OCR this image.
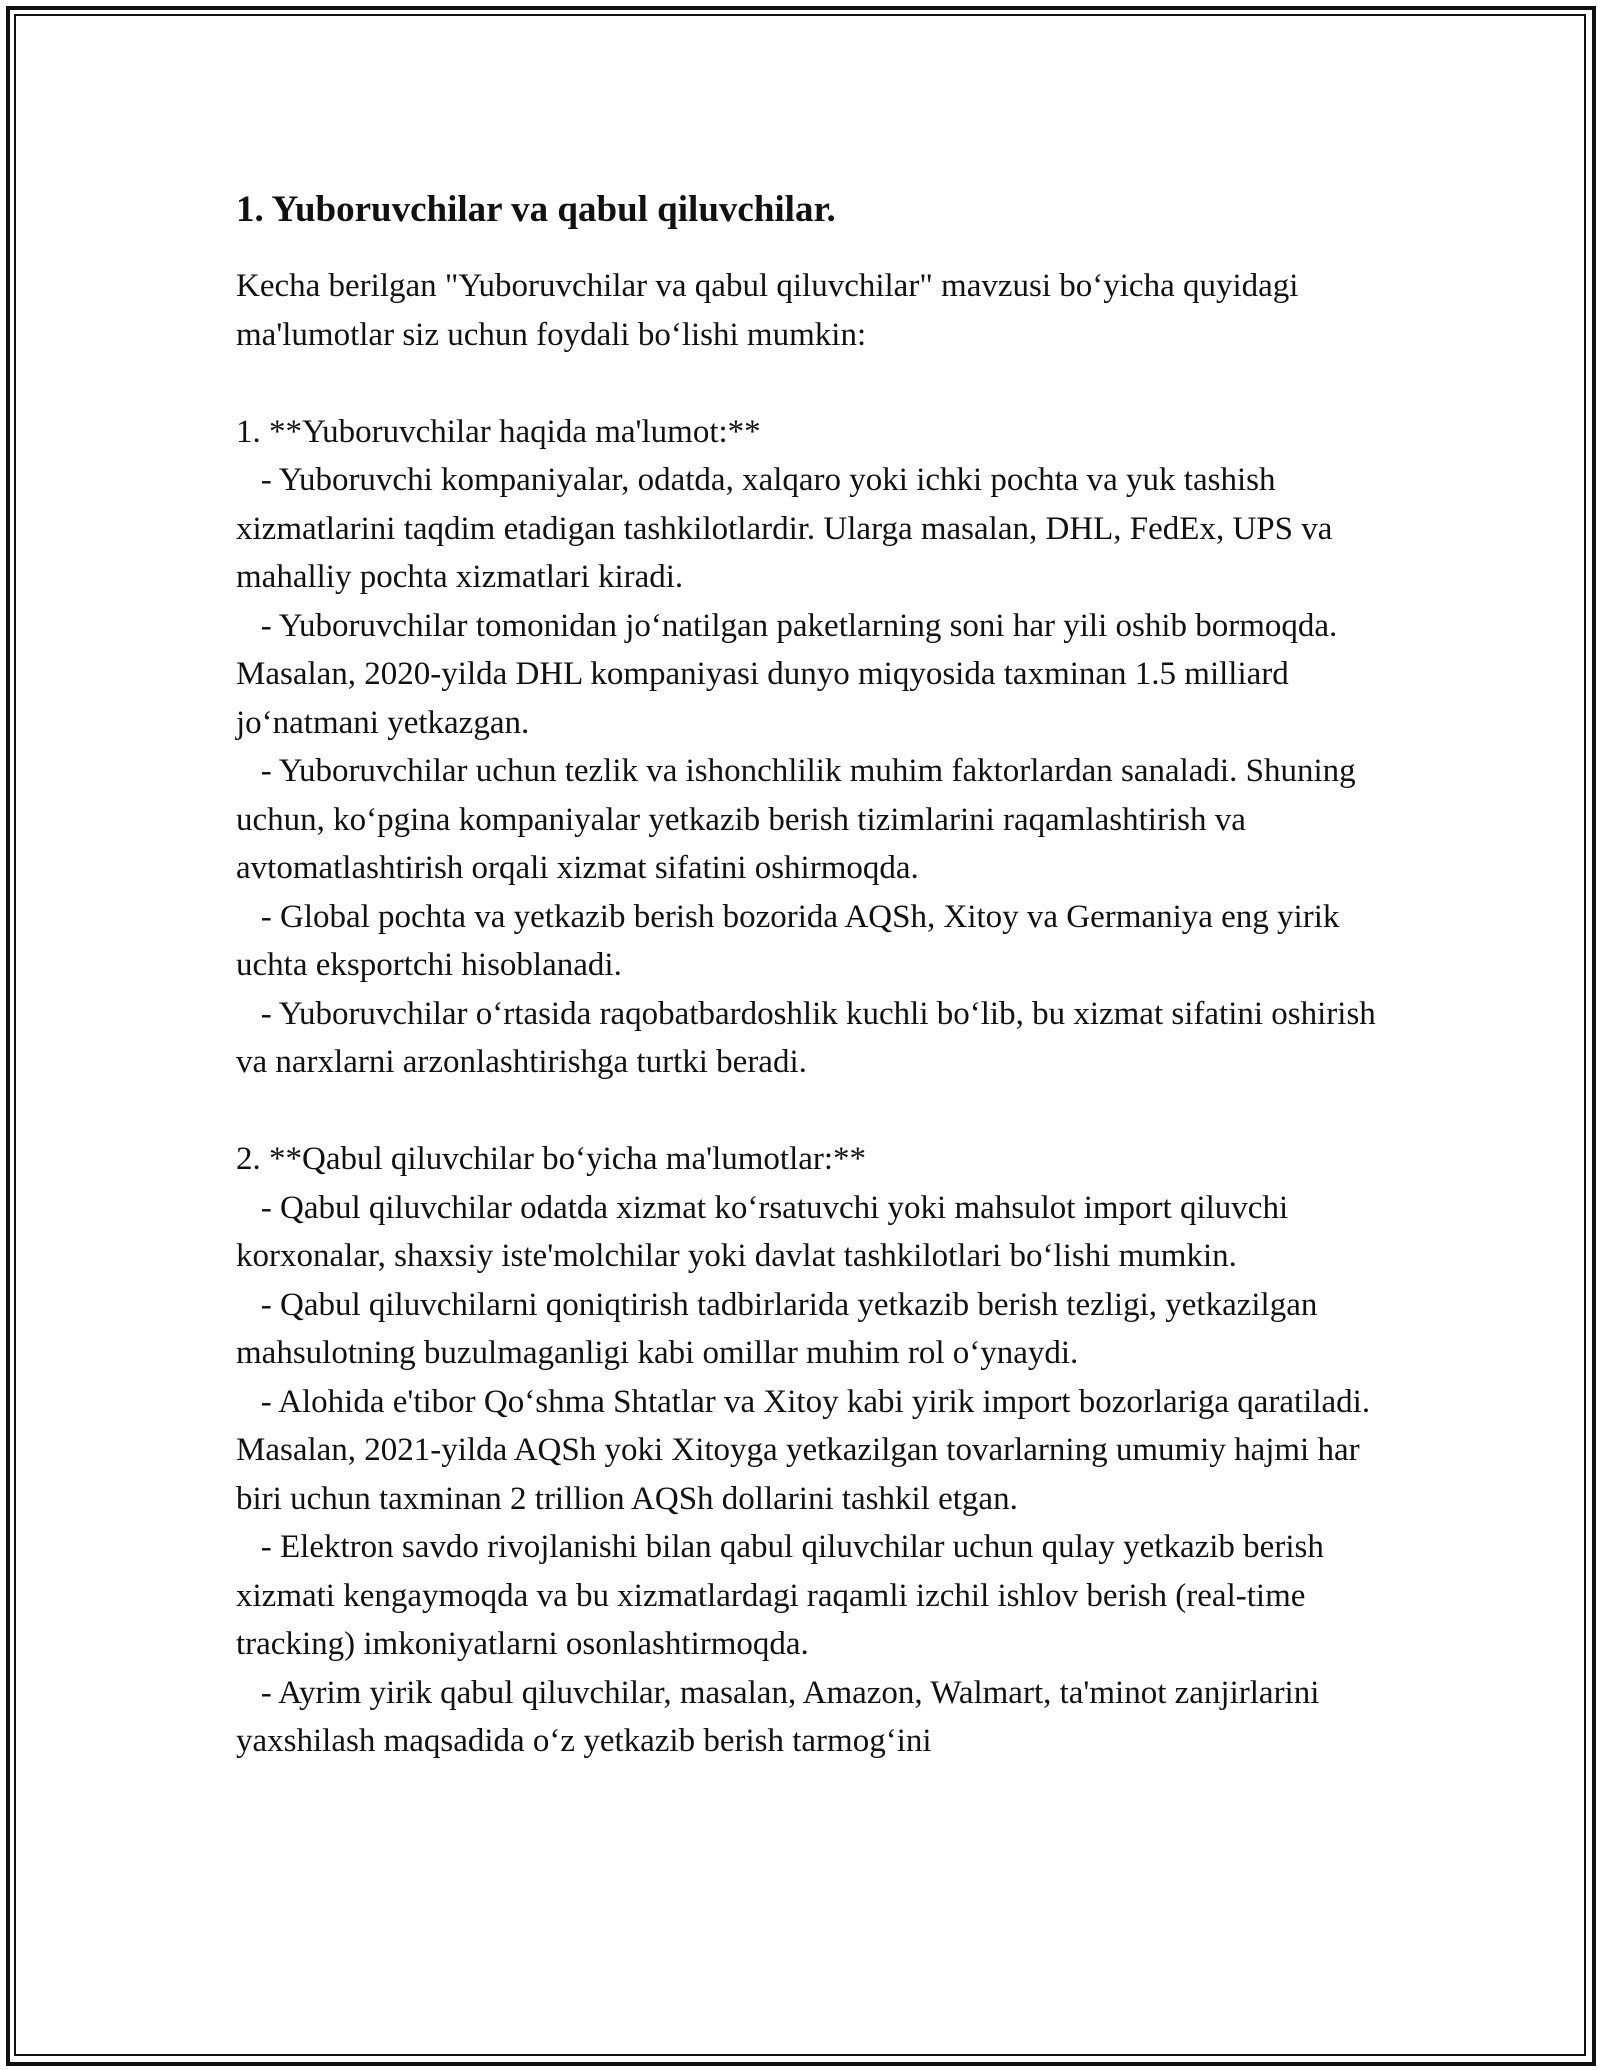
1. Yuboruvchilar va qabul qiluvchilar.

Kecha berilgan "Yuboruvchilar va qabul qiluvchilar" mavzusi bo‘yicha quyidagi ma'lumotlar siz uchun foydali bo‘lishi mumkin:

1. **Yuboruvchilar haqida ma'lumot:**
- Yuboruvchi kompaniyalar, odatda, xalqaro yoki ichki pochta va yuk tashish xizmatlarini taqdim etadigan tashkilotlardir. Ularga masalan, DHL, FedEx, UPS va mahalliy pochta xizmatlari kiradi.
- Yuboruvchilar tomonidan jo‘natilgan paketlarning soni har yili oshib bormoqda. Masalan, 2020-yilda DHL kompaniyasi dunyo miqyosida taxminan 1.5 milliard jo‘natmani yetkazgan.
- Yuboruvchilar uchun tezlik va ishonchlilik muhim faktorlardan sanaladi. Shuning uchun, ko‘pgina kompaniyalar yetkazib berish tizimlarini raqamlashtirish va avtomatlashtirish orqali xizmat sifatini oshirmoqda.
- Global pochta va yetkazib berish bozorida AQSh, Xitoy va Germaniya eng yirik uchta eksportchi hisoblanadi.
- Yuboruvchilar o‘rtasida raqobatbardoshlik kuchli bo‘lib, bu xizmat sifatini oshirish va narxlarni arzonlashtirishga turtki beradi.
2. **Qabul qiluvchilar bo‘yicha ma'lumotlar:**
- Qabul qiluvchilar odatda xizmat ko‘rsatuvchi yoki mahsulot import qiluvchi korxonalar, shaxsiy iste'molchilar yoki davlat tashkilotlari bo‘lishi mumkin.
- Qabul qiluvchilarni qoniqtirish tadbirlarida yetkazib berish tezligi, yetkazilgan mahsulotning buzulmaganligi kabi omillar muhim rol o‘ynaydi.
- Alohida e'tibor Qo‘shma Shtatlar va Xitoy kabi yirik import bozorlariga qaratiladi. Masalan, 2021-yilda AQSh yoki Xitoyga yetkazilgan tovarlarning umumiy hajmi har biri uchun taxminan 2 trillion AQSh dollarini tashkil etgan.
- Elektron savdo rivojlanishi bilan qabul qiluvchilar uchun qulay yetkazib berish xizmati kengaymoqda va bu xizmatlardagi raqamli izchil ishlov berish (real-time tracking) imkoniyatlarni osonlashtirmoqda.
- Ayrim yirik qabul qiluvchilar, masalan, Amazon, Walmart, ta'minot zanjirlarini yaxshilash maqsadida o‘z yetkazib berish tarmog‘ini
